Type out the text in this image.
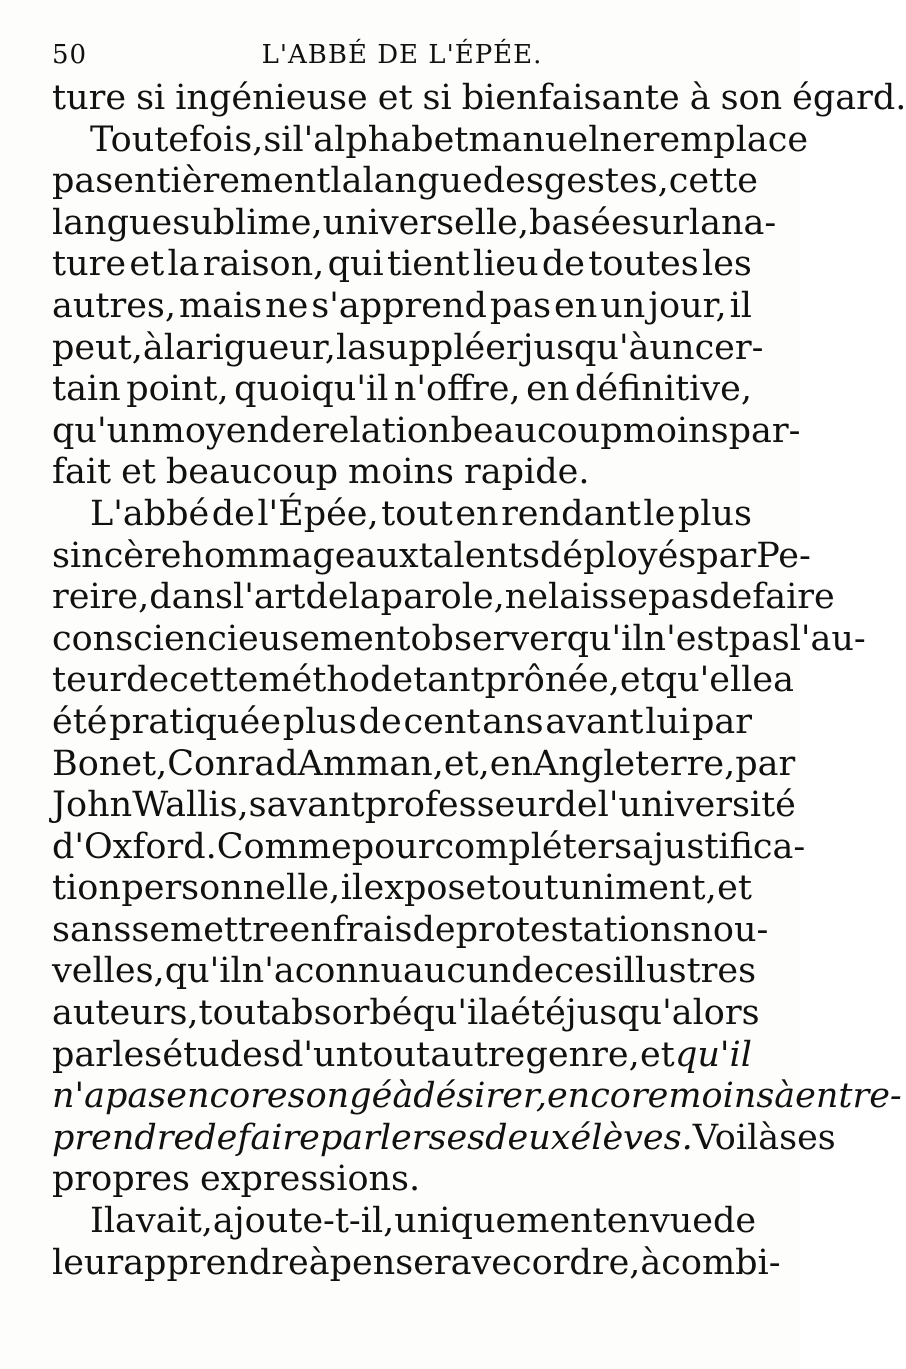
50	L'ABBÉ DE L'ÉPÉE.
ture si ingénieuse et si bienfaisante à son égard.
Toutefois, si l'alphabet manuel ne remplace
pas entièrement la langue des gestes, cette
langue sublime, universelle, basée sur la na-
ture et la raison, qui tient lieu de toutes les
autres, mais ne s'apprend pas en un jour, il
peut, à la rigueur, la suppléer jusqu'à un cer-
tain point, quoiqu'il n'offre, en définitive,
qu'un moyen de relation beaucoup moins par-
fait et beaucoup moins rapide.
L'abbé de l'Épée, tout en rendant le plus
sincère hommage aux talents déployés par Pe-
reire, dans l'art dela parole, ne laisse pas de faire
consciencieusement observer qu'il n'est pas l'au-
teur de cette méthode tant prônée, et qu'elle a
été pratiquée plus de cent ans avant lui par
Bonet, Conrad Amman, et, en Angleterre, par
John Wallis, savant professeur de l'université
d'Oxford. Comme pour compléter sa justifica-
tion personnelle, il expose tout uniment, et
sans se mettre en frais de protestations nou-
velles, qu'il n'a connu aucun de ces illustres
auteurs, tout absorbé qu'il a été jusqu'alors
par les études d'un tout autre genre, et qu'il
n'a pas encore songé à désirer, encore moins à entre-
prendre de faire parler ses deux élèves. Voilà ses
propres expressions.
Il avait, ajoute-t-il, uniquement en vue de
leur apprendre à penser avec ordre, à combi-
